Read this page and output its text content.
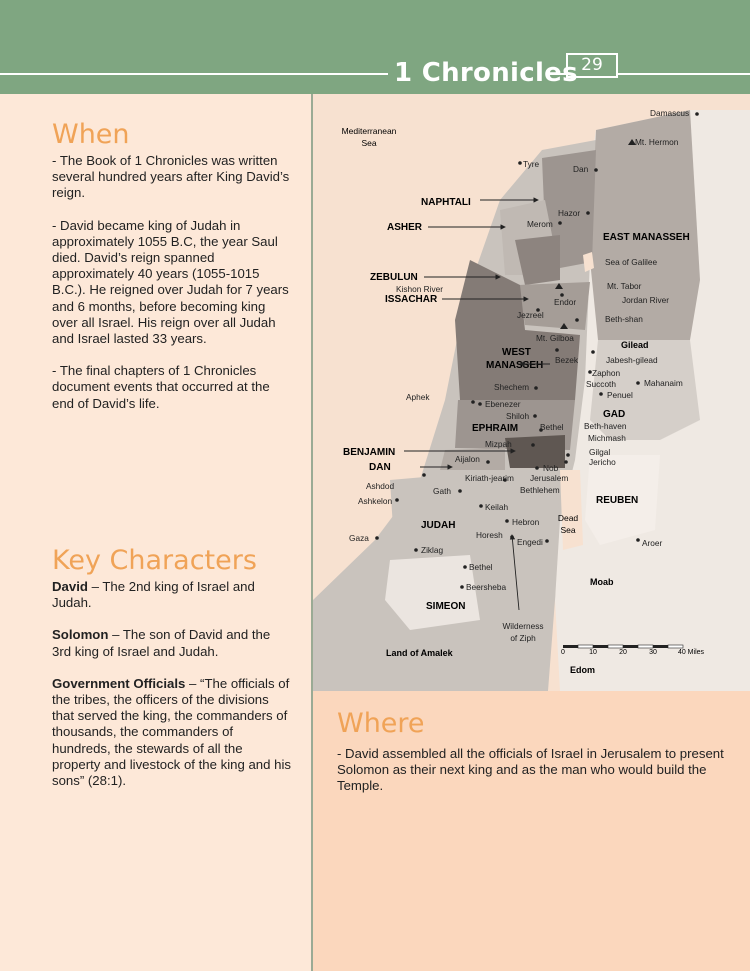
1 Chronicles 29
When

- The Book of 1 Chronicles was written several hundred years after King David’s reign.

- David became king of Judah in approximately 1055 B.C, the year Saul died. David’s reign spanned approximately 40 years (1055-1015 B.C.). He reigned over Judah for 7 years and 6 months, before becoming king over all Israel. His reign over all Judah and Israel lasted 33 years.

- The final chapters of 1 Chronicles document events that occurred at the end of David’s life.

Key Characters

David – The 2nd king of Israel and Judah.

Solomon – The son of David and the 3rd king of Israel and Judah.

Government Officials – “The officials of the tribes, the officers of the divisions that served the king, the commanders of thousands, the commanders of hundreds, the stewards of all the property and livestock of the king and his sons” (28:1).

Mediterranean
Sea
Dead
Sea
NAPHTALI
ASHER
ZEBULUN
ISSACHAR
WEST
MANASSEH
EPHRAIM
BENJAMIN
DAN
JUDAH
SIMEON
EAST MANASSEH
GAD
REUBEN
Gilead
Moab
Edom
Land of Amalek
Damascus
Mt. Hermon
Tyre	Dan
Hazor
Merom
Sea of Galilee
Kishon River	Mt. Tabor
Endor	Jordan River
Jezreel	Beth-shan
Mt. Gilboa
Jabesh-gilead
Bezek
Zaphon
Succoth	Mahanaim
Penuel
Shechem
Aphek
Ebenezer
Shiloh
Bethel Beth-haven
Michmash
Mizpah
Gilgal
Jericho
Aijalon
Nob
Jerusalem
Kiriath-jearim
Bethlehem
Ashdod	Gath
Ashkelon
Keilah
Hebron
Horesh
Engedi	Aroer
Gaza
Ziklag
Bethel
Beersheba
Wilderness
of Ziph
0	10	20	30	40 Miles
Where

- David assembled all the officials of Israel in Jerusalem to present Solomon as their next king and as the man who would build the Temple.
